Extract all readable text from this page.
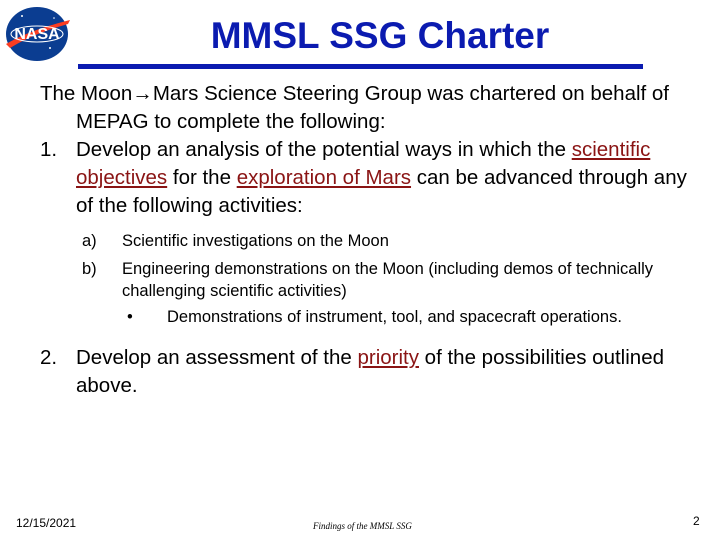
NASA	MMSL SSG Charter

The Moon→Mars Science Steering Group was chartered on behalf of MEPAG to complete the following:

1. Develop an analysis of the potential ways in which the scientific objectives for the exploration of Mars can be advanced through any of the following activities:

a) Scientific investigations on the Moon

b) Engineering demonstrations on the Moon (including demos of technically challenging scientific activities)

• Demonstrations of instrument, tool, and spacecraft operations.

2. Develop an assessment of the priority of the possibilities outlined above.

12/15/2021	Findings of the MMSL SSG	2
